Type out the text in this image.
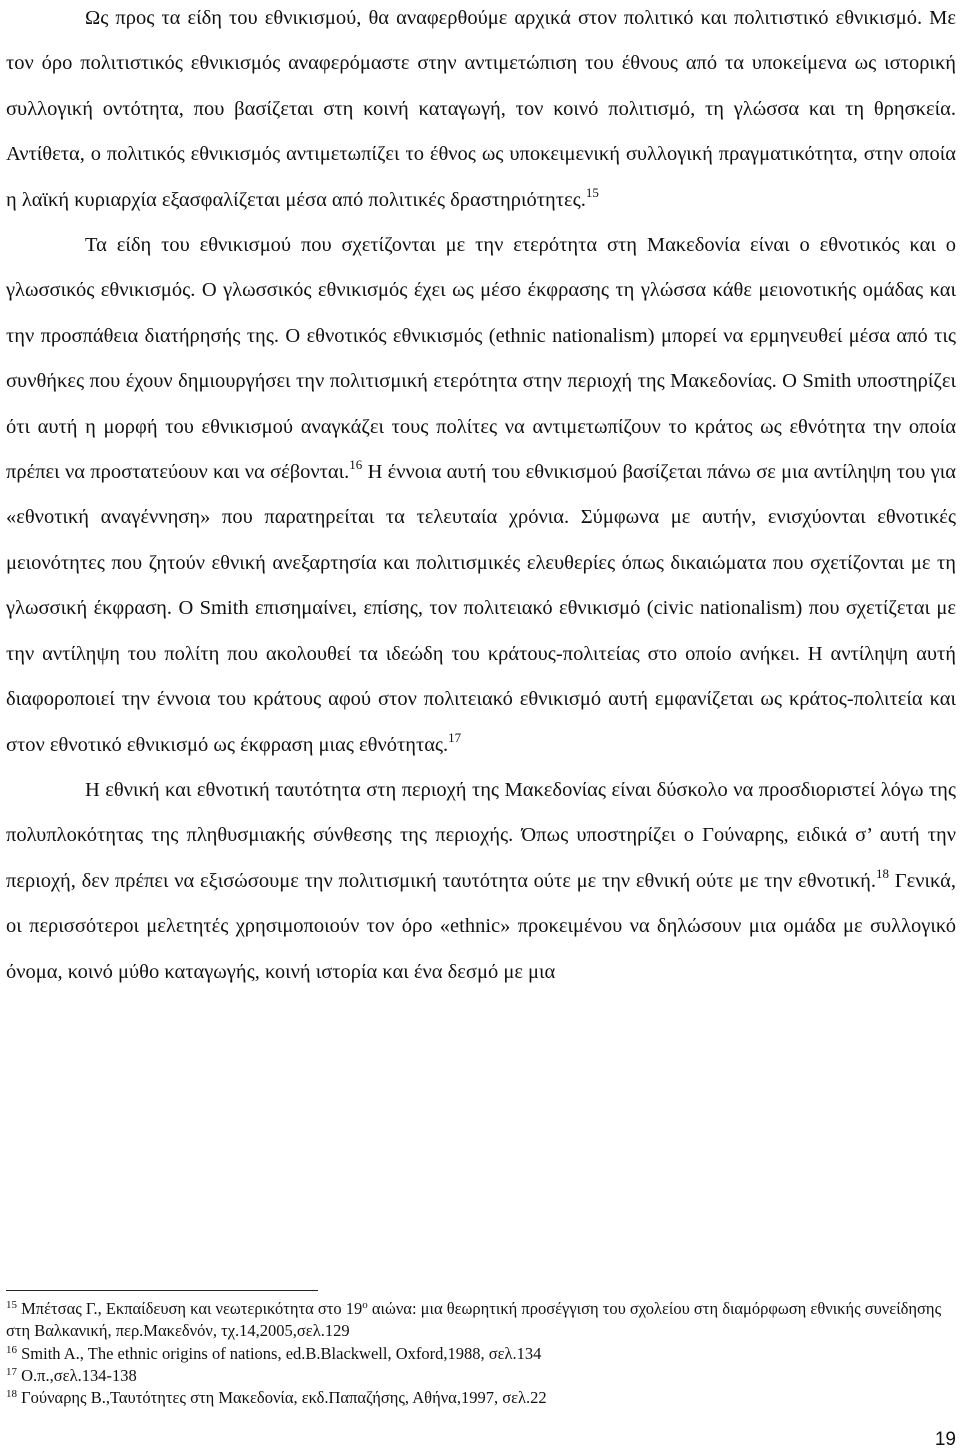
Ως προς τα είδη του εθνικισμού, θα αναφερθούμε αρχικά στον πολιτικό και πολιτιστικό εθνικισμό. Με τον όρο πολιτιστικός εθνικισμός αναφερόμαστε στην αντιμετώπιση του έθνους από τα υποκείμενα ως ιστορική συλλογική οντότητα, που βασίζεται στη κοινή καταγωγή, τον κοινό πολιτισμό, τη γλώσσα και τη θρησκεία. Αντίθετα, ο πολιτικός εθνικισμός αντιμετωπίζει το έθνος ως υποκειμενική συλλογική πραγματικότητα, στην οποία η λαϊκή κυριαρχία εξασφαλίζεται μέσα από πολιτικές δραστηριότητες.$^{15}$

Τα είδη του εθνικισμού που σχετίζονται με την ετερότητα στη Μακεδονία είναι ο εθνοτικός και ο γλωσσικός εθνικισμός. Ο γλωσσικός εθνικισμός έχει ως μέσο έκφρασης τη γλώσσα κάθε μειονοτικής ομάδας και την προσπάθεια διατήρησής της. Ο εθνοτικός εθνικισμός (ethnic nationalism) μπορεί να ερμηνευθεί μέσα από τις συνθήκες που έχουν δημιουργήσει την πολιτισμική ετερότητα στην περιοχή της Μακεδονίας. Ο Smith υποστηρίζει ότι αυτή η μορφή του εθνικισμού αναγκάζει τους πολίτες να αντιμετωπίζουν το κράτος ως εθνότητα την οποία πρέπει να προστατεύουν και να σέβονται.$^{16}$ Η έννοια αυτή του εθνικισμού βασίζεται πάνω σε μια αντίληψη του για «εθνοτική αναγέννηση» που παρατηρείται τα τελευταία χρόνια. Σύμφωνα με αυτήν, ενισχύονται εθνοτικές μειονότητες που ζητούν εθνική ανεξαρτησία και πολιτισμικές ελευθερίες όπως δικαιώματα που σχετίζονται με τη γλωσσική έκφραση. Ο Smith επισημαίνει, επίσης, τον πολιτειακό εθνικισμό (civic nationalism) που σχετίζεται με την αντίληψη του πολίτη που ακολουθεί τα ιδεώδη του κράτους-πολιτείας στο οποίο ανήκει. Η αντίληψη αυτή διαφοροποιεί την έννοια του κράτους αφού στον πολιτειακό εθνικισμό αυτή εμφανίζεται ως κράτος-πολιτεία και στον εθνοτικό εθνικισμό ως έκφραση μιας εθνότητας.$^{17}$

Η εθνική και εθνοτική ταυτότητα στη περιοχή της Μακεδονίας είναι δύσκολο να προσδιοριστεί λόγω της πολυπλοκότητας της πληθυσμιακής σύνθεσης της περιοχής. Όπως υποστηρίζει ο Γούναρης, ειδικά σ’ αυτή την περιοχή, δεν πρέπει να εξισώσουμε την πολιτισμική ταυτότητα ούτε με την εθνική ούτε με την εθνοτική.$^{18}$ Γενικά, οι περισσότεροι μελετητές χρησιμοποιούν τον όρο «ethnic» προκειμένου να δηλώσουν μια ομάδα με συλλογικό όνομα, κοινό μύθο καταγωγής, κοινή ιστορία και ένα δεσμό με μια

$^{15}$ Μπέτσας Γ., Εκπαίδευση και νεωτερικότητα στο $19^o$ αιώνα: μια θεωρητική προσέγγιση του σχολείου στη διαμόρφωση εθνικής συνείδησης στη Βαλκανική, περ.Μακεδνόν, τχ.14,2005,σελ.129

$^{16}$ Smith A., The ethnic origins of nations, ed.B.Blackwell, Oxford,1988, σελ.134

$^{17}$ Ο.π.,σελ.134-138

$^{18}$ Γούναρης Β.,Ταυτότητες στη Μακεδονία, εκδ.Παπαζήσης, Αθήνα,1997, σελ.22

19
